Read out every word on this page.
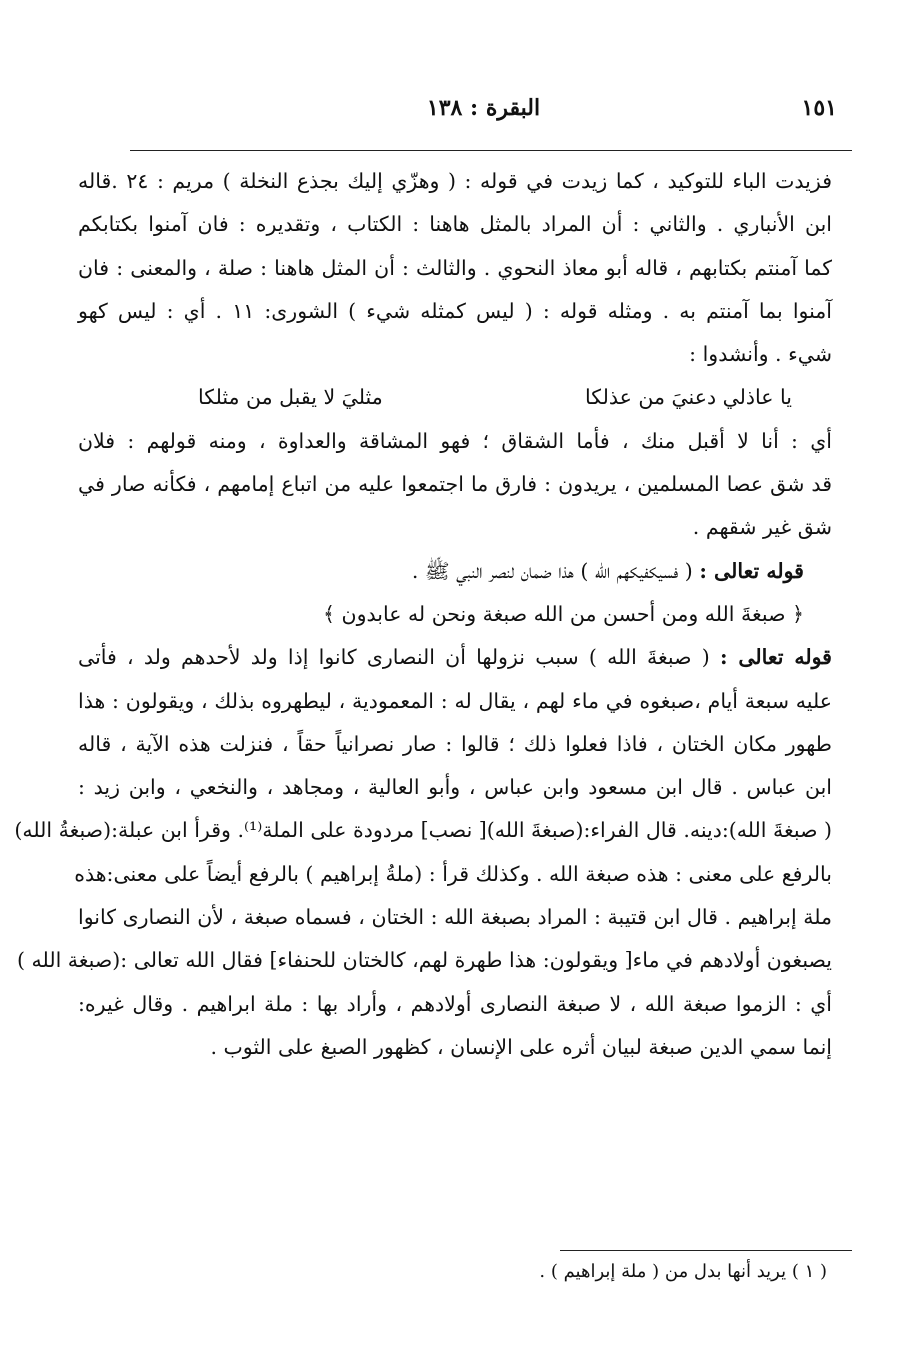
البقرة : ١٣٨	١٥١
فزيدت الباء للتوكيد ، كما زيدت في قوله : ( وهزّي إليك بجذع النخلة ) مريم : ٢٤ .قاله
ابن الأنباري . والثاني : أن المراد بالمثل هاهنا : الكتاب ، وتقديره : فان آمنوا بكتابكم
كما آمنتم بكتابهم ، قاله أبو معاذ النحوي . والثالث : أن المثل هاهنا : صلة ، والمعنى : فان
آمنوا بما آمنتم به . ومثله قوله : ( ليس كمثله شيء ) الشورى: ١١ . أي : ليس كهو
شيء . وأنشدوا :
يا عاذلي دعنيَ من عذلكا
مثليَ لا يقبل من مثلكا
أي : أنا لا أقبل منك ، فأما الشقاق ؛ فهو المشاقة والعداوة ، ومنه قولهم : فلان
قد شق عصا المسلمين ، يريدون : فارق ما اجتمعوا عليه من اتباع إمامهم ، فكأنه صار في
شق غير شقهم .
قوله تعالى : ( فسيكفيكهم الله ) هذا ضمان لنصر النبي ﷺ .
﴿ صبغةَ الله ومن أحسن من الله صبغة ونحن له عابدون ﴾
قوله تعالى : ( صبغةَ الله ) سبب نزولها أن النصارى كانوا إذا ولد لأحدهم ولد ، فأتى
عليه سبعة أيام ،صبغوه في ماء لهم ، يقال له : المعمودية ، ليطهروه بذلك ، ويقولون : هذا
طهور مكان الختان ، فاذا فعلوا ذلك ؛ قالوا : صار نصرانياً حقاً ، فنزلت هذه الآية ، قاله
ابن عباس . قال ابن مسعود وابن عباس ، وأبو العالية ، ومجاهد ، والنخعي ، وابن زيد :
( صبغةَ الله):دينه. قال الفراء:(صبغةَ الله)[ نصب] مردودة على الملة⁽¹⁾. وقرأ ابن عبلة:(صبغةُ الله)
بالرفع على معنى : هذه صبغة الله . وكذلك قرأ : (ملةُ إبراهيم ) بالرفع أيضاً على معنى:هذه
ملة إبراهيم . قال ابن قتيبة : المراد بصبغة الله : الختان ، فسماه صبغة ، لأن النصارى كانوا
يصبغون أولادهم في ماء[ ويقولون: هذا طهرة لهم، كالختان للحنفاء] فقال الله تعالى :(صبغة الله )
أي : الزموا صبغة الله ، لا صبغة النصارى أولادهم ، وأراد بها : ملة ابراهيم . وقال غيره:
إنما سمي الدين صبغة لبيان أثره على الإنسان ، كظهور الصبغ على الثوب .
( ١ ) يريد أنها بدل من ( ملة إبراهيم ) .
